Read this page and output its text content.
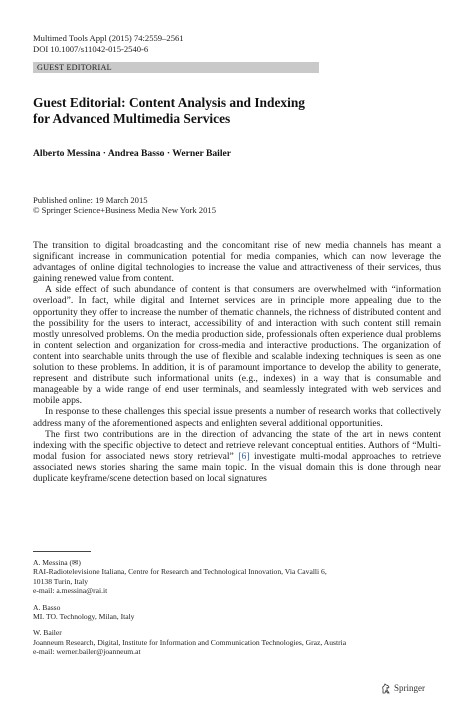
Multimed Tools Appl (2015) 74:2559–2561
DOI 10.1007/s11042-015-2540-6
GUEST EDITORIAL
Guest Editorial: Content Analysis and Indexing
for Advanced Multimedia Services
Alberto Messina · Andrea Basso · Werner Bailer
Published online: 19 March 2015
© Springer Science+Business Media New York 2015

The transition to digital broadcasting and the concomitant rise of new media channels has meant a significant increase in communication potential for media companies, which can now leverage the advantages of online digital technologies to increase the value and attractiveness of their services, thus gaining renewed value from content.

A side effect of such abundance of content is that consumers are overwhelmed with “information overload”. In fact, while digital and Internet services are in principle more appealing due to the opportunity they offer to increase the number of thematic channels, the richness of distributed content and the possibility for the users to interact, accessibility of and interaction with such content still remain mostly unresolved problems. On the media production side, professionals often experience dual problems in content selection and organization for cross-media and interactive productions. The organization of content into searchable units through the use of flexible and scalable indexing techniques is seen as one solution to these problems. In addition, it is of paramount importance to develop the ability to generate, represent and distribute such informational units (e.g., indexes) in a way that is consumable and manageable by a wide range of end user terminals, and seamlessly integrated with web services and mobile apps.

In response to these challenges this special issue presents a number of research works that collectively address many of the aforementioned aspects and enlighten several additional opportunities.

The first two contributions are in the direction of advancing the state of the art in news content indexing with the specific objective to detect and retrieve relevant conceptual entities. Authors of “Multi-modal fusion for associated news story retrieval” [6] investigate multi-modal approaches to retrieve associated news stories sharing the same main topic. In the visual domain this is done through near duplicate keyframe/scene detection based on local signatures

A. Messina (✉)
RAI-Radiotelevisione Italiana, Centre for Research and Technological Innovation, Via Cavalli 6,
10138 Turin, Italy
e-mail: a.messina@rai.it
A. Basso
MI. TO. Technology, Milan, Italy
W. Bailer
Joanneum Research, Digital, Institute for Information and Communication Technologies, Graz, Austria
e-mail: werner.bailer@joanneum.at
Springer
